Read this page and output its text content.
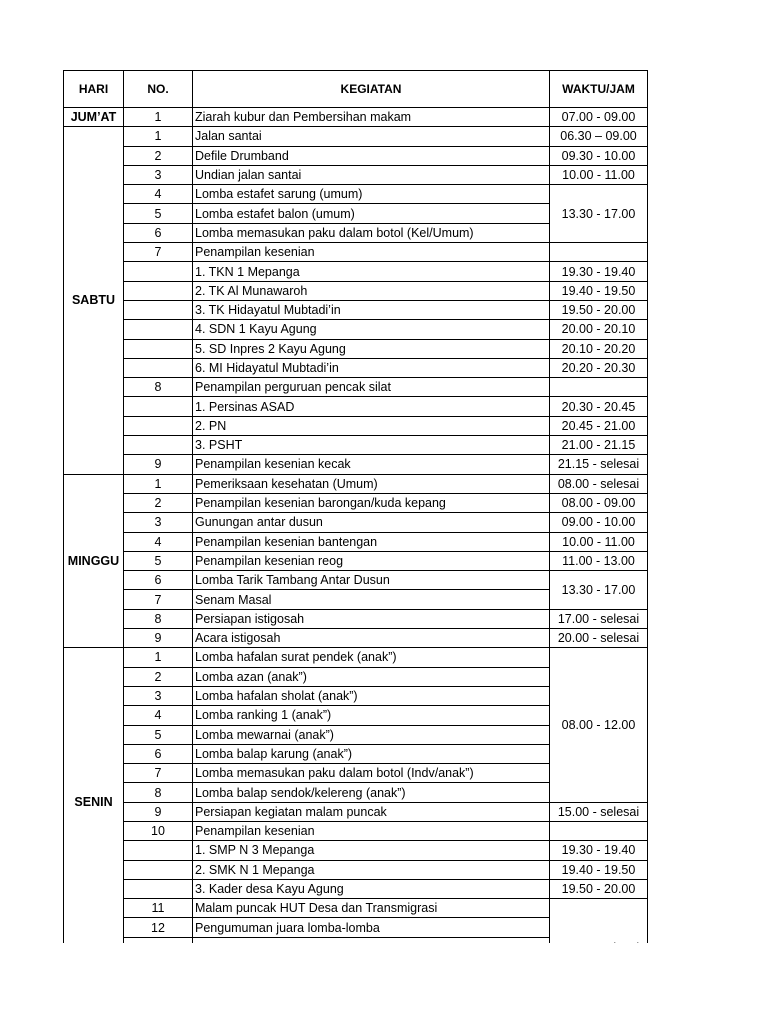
HARI	NO.	KEGIATAN	WAKTU/JAM
JUM’AT	1	Ziarah kubur dan Pembersihan makam	07.00 - 09.00
SABTU	1	Jalan santai	06.30 – 09.00
	2	Defile Drumband	09.30 - 10.00
	3	Undian jalan santai	10.00 - 11.00
	4	Lomba estafet sarung (umum)	13.30 - 17.00
	5	Lomba estafet balon (umum)	
	6	Lomba memasukan paku dalam botol (Kel/Umum)	
	7	Penampilan kesenian	
		1. TKN 1 Mepanga	19.30 - 19.40
		2. TK Al Munawaroh	19.40 - 19.50
		3. TK Hidayatul Mubtadi’in	19.50 - 20.00
		4. SDN 1 Kayu Agung	20.00 - 20.10
		5. SD Inpres 2 Kayu Agung	20.10 - 20.20
		6. MI Hidayatul Mubtadi’in	20.20 - 20.30
	8	Penampilan perguruan pencak silat	
		1. Persinas ASAD	20.30 - 20.45
		2. PN	20.45 - 21.00
		3. PSHT	21.00 - 21.15
	9	Penampilan kesenian kecak	21.15 - selesai
MINGGU	1	Pemeriksaan kesehatan (Umum)	08.00 - selesai
	2	Penampilan kesenian barongan/kuda kepang	08.00 - 09.00
	3	Gunungan antar dusun	09.00 - 10.00
	4	Penampilan kesenian bantengan	10.00 - 11.00
	5	Penampilan kesenian reog	11.00 - 13.00
	6	Lomba Tarik Tambang Antar Dusun	13.30 - 17.00
	7	Senam Masal	
	8	Persiapan istigosah	17.00 - selesai
	9	Acara istigosah	20.00 - selesai
SENIN	1	Lomba hafalan surat pendek (anak”)	08.00 - 12.00
	2	Lomba azan (anak”)	
	3	Lomba hafalan sholat (anak”)	
	4	Lomba ranking 1 (anak”)	
	5	Lomba mewarnai (anak”)	
	6	Lomba balap karung (anak”)	
	7	Lomba memasukan paku dalam botol (Indv/anak”)	
	8	Lomba balap sendok/kelereng (anak”)	
	9	Persiapan kegiatan malam puncak	15.00 - selesai
	10	Penampilan kesenian	
		1. SMP N 3 Mepanga	19.30 - 19.40
		2. SMK N 1 Mepanga	19.40 - 19.50
		3. Kader desa Kayu Agung	19.50 - 20.00
	11	Malam puncak HUT Desa dan Transmigrasi	
	12	Pengumuman juara lomba-lomba	
